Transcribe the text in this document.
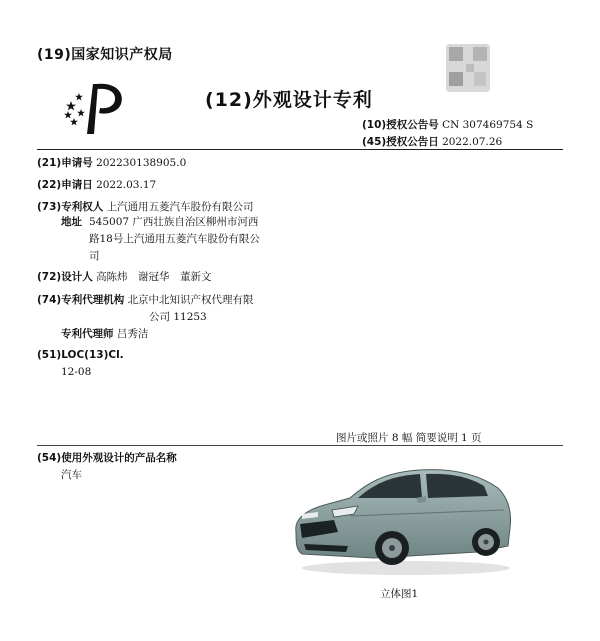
(19)国家知识产权局
(12)外观设计专利
(10)授权公告号 CN 307469754 S
(45)授权公告日 2022.07.26
(21)申请号 202230138905.0
(22)申请日 2022.03.17
(73)专利权人 上汽通用五菱汽车股份有限公司
地址 545007 广西壮族自治区柳州市河西
路18号上汽通用五菱汽车股份有限公
司
(72)设计人 高陈炜　谢冠华　董新文
(74)专利代理机构 北京中北知识产权代理有限
公司 11253
专利代理师 吕秀洁
(51)LOC(13)Cl.
12-08
图片或照片 8 幅 简要说明 1 页
(54)使用外观设计的产品名称
汽车
立体图1
